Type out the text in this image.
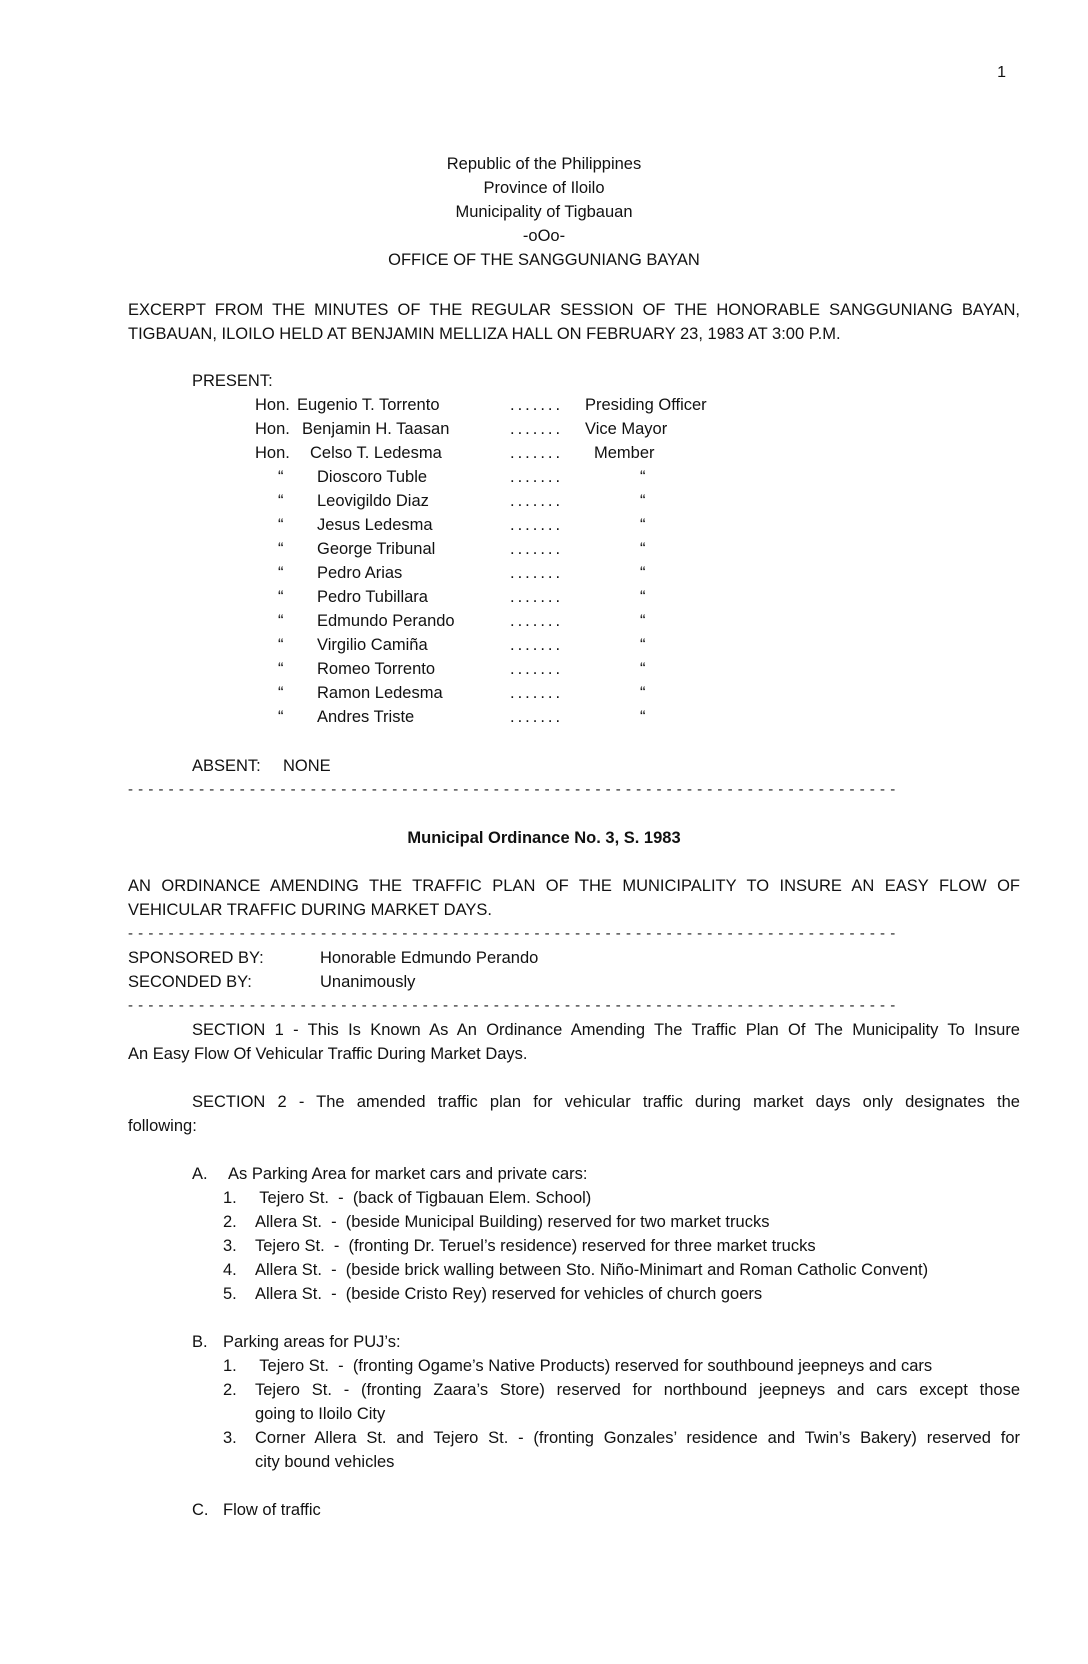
1
Republic of the Philippines
Province of Iloilo
Municipality of Tigbauan
-oOo-
OFFICE OF THE SANGGUNIANG BAYAN
EXCERPT FROM THE MINUTES OF THE REGULAR SESSION OF THE HONORABLE SANGGUNIANG BAYAN,
TIGBAUAN, ILOILO HELD AT BENJAMIN MELLIZA HALL ON FEBRUARY 23, 1983 AT 3:00 P.M.
PRESENT:
Hon. Eugenio T. Torrento	....... Presiding Officer
Hon. Benjamin H. Taasan	....... Vice Mayor
Hon. Celso T. Ledesma	....... Member
“ Dioscoro Tuble	.......	“
“ Leovigildo Diaz	.......	“
“ Jesus Ledesma	.......	“
“ George Tribunal	.......	“
“ Pedro Arias	.......	“
“ Pedro Tubillara	.......	“
“ Edmundo Perando	.......	“
“ Virgilio Camiña	.......	“
“ Romeo Torrento	.......	“
“ Ramon Ledesma	.......	“
“ Andres Triste	.......	“
ABSENT: NONE
- - - - - - - - - - - - - - - - - - - - - - - - - - - - - - - - - - - - - - - - - - - - - - - - - - - - - - - - - - - - - - - - - - - - - - - - - - - -
Municipal Ordinance No. 3, S. 1983
AN ORDINANCE AMENDING THE TRAFFIC PLAN OF THE MUNICIPALITY TO INSURE AN EASY FLOW OF
VEHICULAR TRAFFIC DURING MARKET DAYS.
- - - - - - - - - - - - - - - - - - - - - - - - - - - - - - - - - - - - - - - - - - - - - - - - - - - - - - - - - - - - - - - - - - - - - - - - - - - -
SPONSORED BY:	Honorable Edmundo Perando
SECONDED BY:	Unanimously
- - - - - - - - - - - - - - - - - - - - - - - - - - - - - - - - - - - - - - - - - - - - - - - - - - - - - - - - - - - - - - - - - - - - - - - - - - - -
SECTION 1 - This Is Known As An Ordinance Amending The Traffic Plan Of The Municipality To Insure
An Easy Flow Of Vehicular Traffic During Market Days.
SECTION 2 - The amended traffic plan for vehicular traffic during market days only designates the
following:
A. As Parking Area for market cars and private cars:
1. Tejero St.  -  (back of Tigbauan Elem. School)
2. Allera St.  -  (beside Municipal Building) reserved for two market trucks
3. Tejero St.  -  (fronting Dr. Teruel’s residence) reserved for three market trucks
4. Allera St.  -  (beside brick walling between Sto. Niño-Minimart and Roman Catholic Convent)
5. Allera St.  -  (beside Cristo Rey) reserved for vehicles of church goers
B. Parking areas for PUJ’s:
1. Tejero St.  -  (fronting Ogame’s Native Products) reserved for southbound jeepneys and cars
2. Tejero St. - (fronting Zaara’s Store) reserved for northbound jeepneys and cars except those
going to Iloilo City
3. Corner Allera St. and Tejero St. - (fronting Gonzales’ residence and Twin’s Bakery) reserved for
city bound vehicles
C. Flow of traffic
